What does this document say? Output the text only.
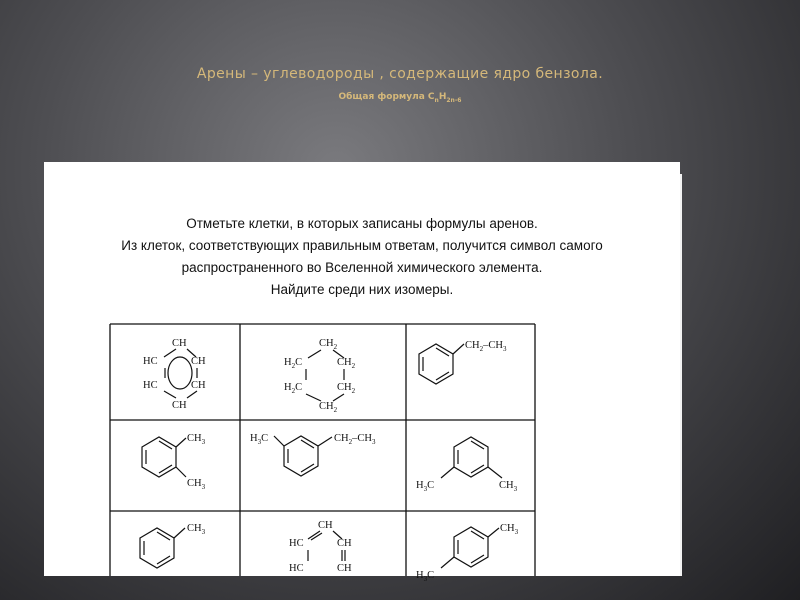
Арены – углеводороды , содержащие ядро бензола.
Общая формула $C_nH_{2n-6}$
Отметьте клетки, в которых записаны формулы аренов.
Из клеток, соответствующих правильным ответам, получится символ самого
распространенного во Вселенной химического элемента.
Найдите среди них изомеры.
CH
HC	CH
HC	CH
CH
$CH_2$
$H_2C$	$CH_2$
$H_2C$	$CH_2$
$CH_2$
$CH_2-CH_3$
$CH_3$
$CH_3$
$H_3C$	$CH_2-CH_3$
$H_3C$	$CH_3$
$CH_3$
CH
HC	CH
HC	CH
$CH_3$
$H_3C$
